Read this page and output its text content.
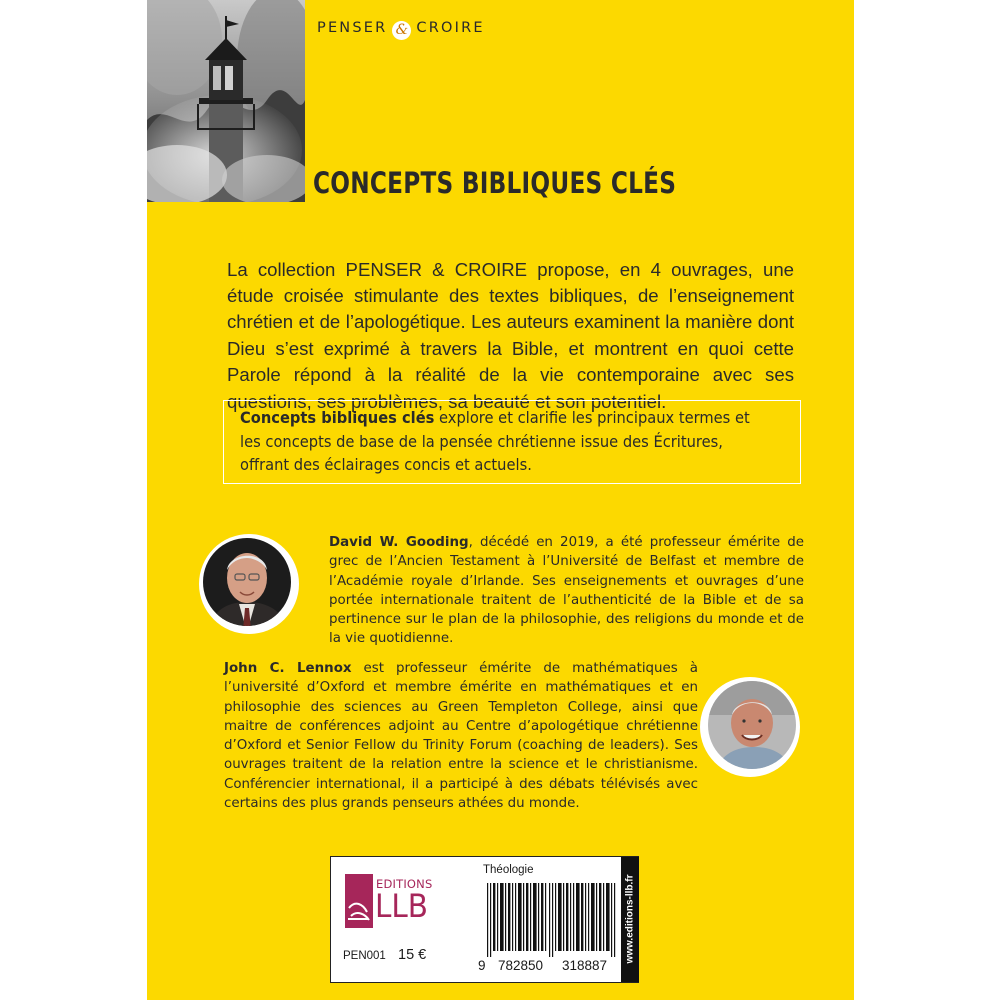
PENSER & CROIRE
CONCEPTS BIBLIQUES CLÉS

La collection PENSER & CROIRE propose, en 4 ouvrages, une étude croisée stimulante des textes bibliques, de l’enseignement chrétien et de l’apologétique. Les auteurs examinent la manière dont Dieu s’est exprimé à travers la Bible, et montrent en quoi cette Parole répond à la réalité de la vie contemporaine avec ses questions, ses problèmes, sa beauté et son potentiel.

Concepts bibliques clés explore et clarifie les principaux termes et les concepts de base de la pensée chrétienne issue des Écritures, offrant des éclairages concis et actuels.

David W. Gooding, décédé en 2019, a été professeur émérite de grec de l’Ancien Testament à l’Université de Belfast et membre de l’Académie royale d’Irlande. Ses enseignements et ouvrages d’une portée internationale traitent de l’authenticité de la Bible et de sa pertinence sur le plan de la philosophie, des religions du monde et de la vie quotidienne.

John C. Lennox est professeur émérite de mathématiques à l’université d’Oxford et membre émérite en mathématiques et en philosophie des sciences au Green Templeton College, ainsi que maitre de conférences adjoint au Centre d’apologétique chrétienne d’Oxford et Senior Fellow du Trinity Forum (coaching de leaders). Ses ouvrages traitent de la relation entre la science et le christianisme. Conférencier international, il a participé à des débats télévisés avec certains des plus grands penseurs athées du monde.

EDITIONS
LLB
PEN001 15 €
Théologie
9 782850 318887
www.editions-llb.fr
